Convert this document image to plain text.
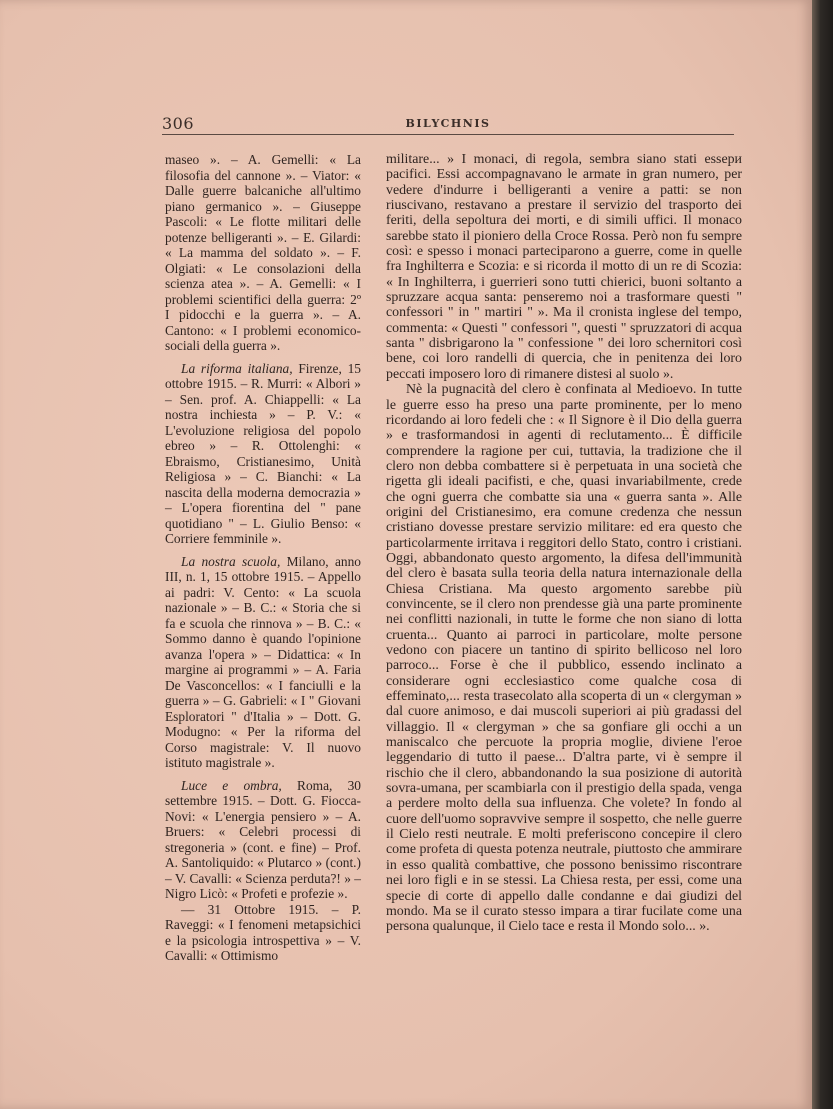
306	BILYCHNIS

maseo ». – A. Gemelli: « La filosofia del cannone ». – Viator: « Dalle guerre balcaniche all'ultimo piano germanico ». – Giuseppe Pascoli: « Le flotte militari delle potenze belligeranti ». – E. Gilardi: « La mamma del soldato ». – F. Olgiati: « Le consolazioni della scienza atea ». – A. Gemelli: « I problemi scientifici della guerra: 2º I pidocchi e la guerra ». – A. Cantono: « I problemi economico-sociali della guerra ».

La riforma italiana, Firenze, 15 ottobre 1915. – R. Murri: « Albori » – Sen. prof. A. Chiappelli: « La nostra inchiesta » – P. V.: « L'evoluzione religiosa del popolo ebreo » – R. Ottolenghi: « Ebraismo, Cristianesimo, Unità Religiosa » – C. Bianchi: « La nascita della moderna democrazia » – L'opera fiorentina del " pane quotidiano " – L. Giulio Benso: « Corriere femminile ».

La nostra scuola, Milano, anno III, n. 1, 15 ottobre 1915. – Appello ai padri: V. Cento: « La scuola nazionale » – B. C.: « Storia che si fa e scuola che rinnova » – B. C.: « Sommo danno è quando l'opinione avanza l'opera » – Didattica: « In margine ai programmi » – A. Faria De Vasconcellos: « I fanciulli e la guerra » – G. Gabrieli: « I " Giovani Esploratori " d'Italia » – Dott. G. Modugno: « Per la riforma del Corso magistrale: V. Il nuovo istituto magistrale ».

Luce e ombra, Roma, 30 settembre 1915. – Dott. G. Fiocca-Novi: « L'energia pensiero » – A. Bruers: « Celebri processi di stregoneria » (cont. e fine) – Prof. A. Santoliquido: « Plutarco » (cont.) – V. Cavalli: « Scienza perduta?! » – Nigro Licò: « Profeti e profezie ».

— 31 Ottobre 1915. – P. Raveggi: « I fenomeni metapsichici e la psicologia introspettiva » – V. Cavalli: « Ottimismo

militare... » I monaci, di regola, sembra siano stati essери pacifici. Essi accompagnavano le armate in gran numero, per vedere d'indurre i belligeranti a venire a patti: se non riuscivano, restavano a prestare il servizio del trasporto dei feriti, della sepoltura dei morti, e di simili uffici. Il monaco sarebbe stato il pioniero della Croce Rossa. Però non fu sempre così: e spesso i monaci parteciparono a guerre, come in quelle fra Inghilterra e Scozia: e si ricorda il motto di un re di Scozia: « In Inghilterra, i guerrieri sono tutti chierici, buoni soltanto a spruzzare acqua santa: penseremo noi a trasformare questi " confessori " in " martiri " ». Ma il cronista inglese del tempo, commenta: « Questi " confessori ", questi " spruzzatori di acqua santa " disbrigarono la " confessione " dei loro schernitori così bene, coi loro randelli di quercia, che in penitenza dei loro peccati imposero loro di rimanere distesi al suolo ».

Nè la pugnacità del clero è confinata al Medioevo. In tutte le guerre esso ha preso una parte prominente, per lo meno ricordando ai loro fedeli che : « Il Signore è il Dio della guerra » e trasformandosi in agenti di reclutamento... È difficile comprendere la ragione per cui, tuttavia, la tradizione che il clero non debba combattere si è perpetuata in una società che rigetta gli ideali pacifisti, e che, quasi invariabilmente, crede che ogni guerra che combatte sia una « guerra santa ». Alle origini del Cristianesimo, era comune credenza che nessun cristiano dovesse prestare servizio militare: ed era questo che particolarmente irritava i reggitori dello Stato, contro i cristiani. Oggi, abbandonato questo argomento, la difesa dell'immunità del clero è basata sulla teoria della natura internazionale della Chiesa Cristiana. Ma questo argomento sarebbe più convincente, se il clero non prendesse già una parte prominente nei conflitti nazionali, in tutte le forme che non siano di lotta cruenta... Quanto ai parroci in particolare, molte persone vedono con piacere un tantino di spirito bellicoso nel loro parroco... Forse è che il pubblico, essendo inclinato a considerare ogni ecclesiastico come qualche cosa di effeminato,... resta trasecolato alla scoperta di un « clergyman » dal cuore animoso, e dai muscoli superiori ai più gradassi del villaggio. Il « clergyman » che sa gonfiare gli occhi a un maniscalco che percuote la propria moglie, diviene l'eroe leggendario di tutto il paese... D'altra parte, vi è sempre il rischio che il clero, abbandonando la sua posizione di autorità sovra-umana, per scambiarla con il prestigio della spada, venga a perdere molto della sua influenza. Che volete? In fondo al cuore dell'uomo sopravvive sempre il sospetto, che nelle guerre il Cielo resti neutrale. E molti preferiscono concepire il clero come profeta di questa potenza neutrale, piuttosto che ammirare in esso qualità combattive, che possono benissimo riscontrare nei loro figli e in se stessi. La Chiesa resta, per essi, come una specie di corte di appello dalle condanne e dai giudizi del mondo. Ma se il curato stesso impara a tirar fucilate come una persona qualunque, il Cielo tace e resta il Mondo solo... ».
